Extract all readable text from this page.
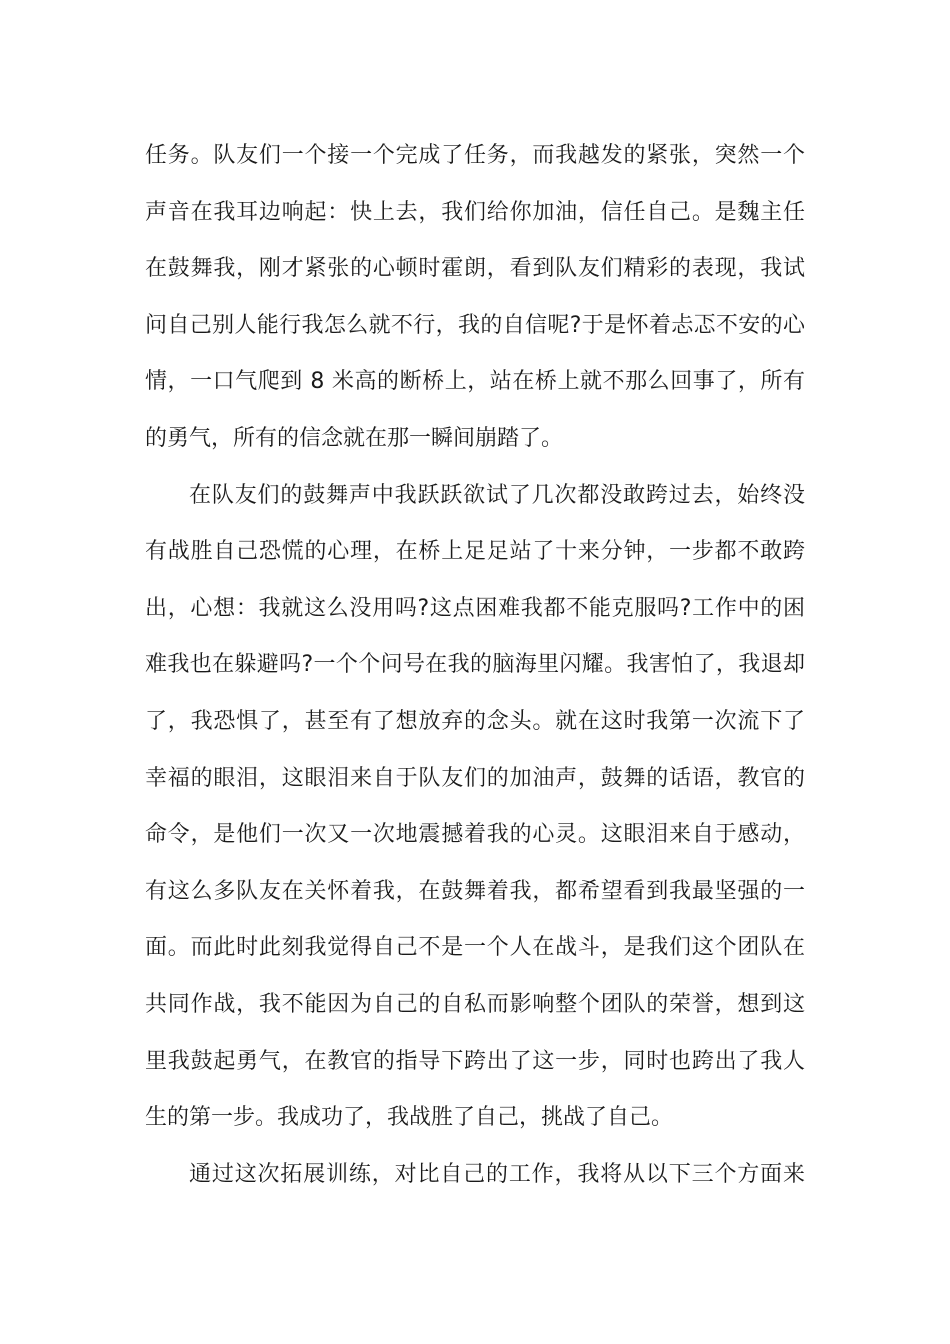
任务。队友们一个接一个完成了任务，而我越发的紧张，突然一个
声音在我耳边响起：快上去，我们给你加油，信任自己。是魏主任
在鼓舞我，刚才紧张的心顿时霍朗，看到队友们精彩的表现，我试
问自己别人能行我怎么就不行，我的自信呢?于是怀着忐忑不安的心
情，一口气爬到 8 米高的断桥上，站在桥上就不那么回事了，所有
的勇气，所有的信念就在那一瞬间崩踏了。
在队友们的鼓舞声中我跃跃欲试了几次都没敢跨过去，始终没
有战胜自己恐慌的心理，在桥上足足站了十来分钟，一步都不敢跨
出，心想：我就这么没用吗?这点困难我都不能克服吗?工作中的困
难我也在躲避吗?一个个问号在我的脑海里闪耀。我害怕了，我退却
了，我恐惧了，甚至有了想放弃的念头。就在这时我第一次流下了
幸福的眼泪，这眼泪来自于队友们的加油声，鼓舞的话语，教官的
命令，是他们一次又一次地震撼着我的心灵。这眼泪来自于感动，
有这么多队友在关怀着我，在鼓舞着我，都希望看到我最坚强的一
面。而此时此刻我觉得自己不是一个人在战斗，是我们这个团队在
共同作战，我不能因为自己的自私而影响整个团队的荣誉，想到这
里我鼓起勇气，在教官的指导下跨出了这一步，同时也跨出了我人
生的第一步。我成功了，我战胜了自己，挑战了自己。
通过这次拓展训练，对比自己的工作，我将从以下三个方面来
